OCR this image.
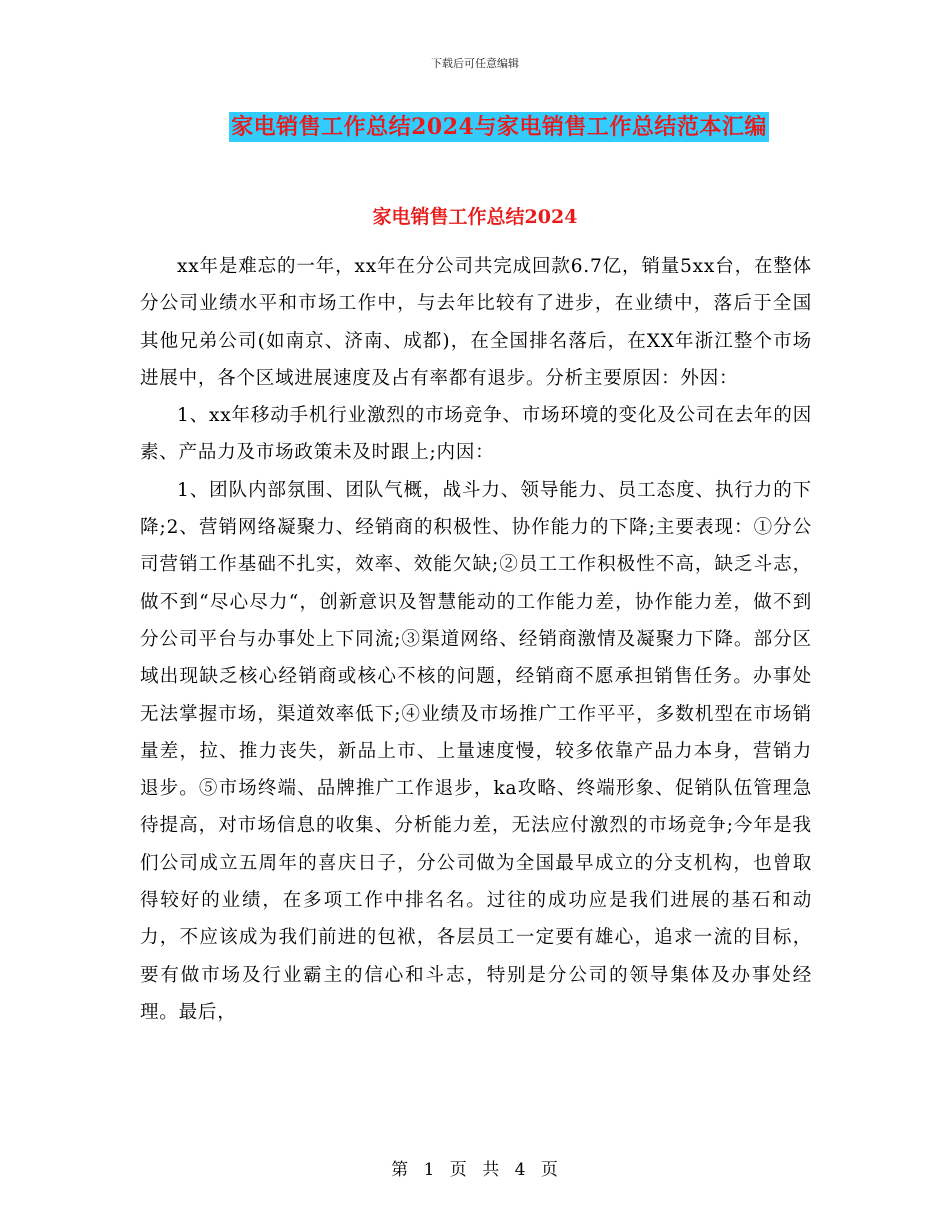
下载后可任意编辑
家电销售工作总结2024与家电销售工作总结范本汇编
家电销售工作总结2024

xx年是难忘的一年，xx年在分公司共完成回款6.7亿，销量5xx台，在整体分公司业绩水平和市场工作中，与去年比较有了进步，在业绩中，落后于全国其他兄弟公司(如南京、济南、成都)，在全国排名落后，在XX年浙江整个市场进展中，各个区域进展速度及占有率都有退步。分析主要原因：外因：

1、xx年移动手机行业激烈的市场竞争、市场环境的变化及公司在去年的因素、产品力及市场政策未及时跟上;内因：

1、团队内部氛围、团队气概，战斗力、领导能力、员工态度、执行力的下降;2、营销网络凝聚力、经销商的积极性、协作能力的下降;主要表现：①分公司营销工作基础不扎实，效率、效能欠缺;②员工工作积极性不高，缺乏斗志，做不到“尽心尽力“，创新意识及智慧能动的工作能力差，协作能力差，做不到分公司平台与办事处上下同流;③渠道网络、经销商激情及凝聚力下降。部分区域出现缺乏核心经销商或核心不核的问题，经销商不愿承担销售任务。办事处无法掌握市场，渠道效率低下;④业绩及市场推广工作平平，多数机型在市场销量差，拉、推力丧失，新品上市、上量速度慢，较多依靠产品力本身，营销力退步。⑤市场终端、品牌推广工作退步，ka攻略、终端形象、促销队伍管理急待提高，对市场信息的收集、分析能力差，无法应付激烈的市场竞争;今年是我们公司成立五周年的喜庆日子，分公司做为全国最早成立的分支机构，也曾取得较好的业绩，在多项工作中排名名。过往的成功应是我们进展的基石和动力，不应该成为我们前进的包袱，各层员工一定要有雄心，追求一流的目标，要有做市场及行业霸主的信心和斗志，特别是分公司的领导集体及办事处经理。最后，

第 1 页 共 4 页
